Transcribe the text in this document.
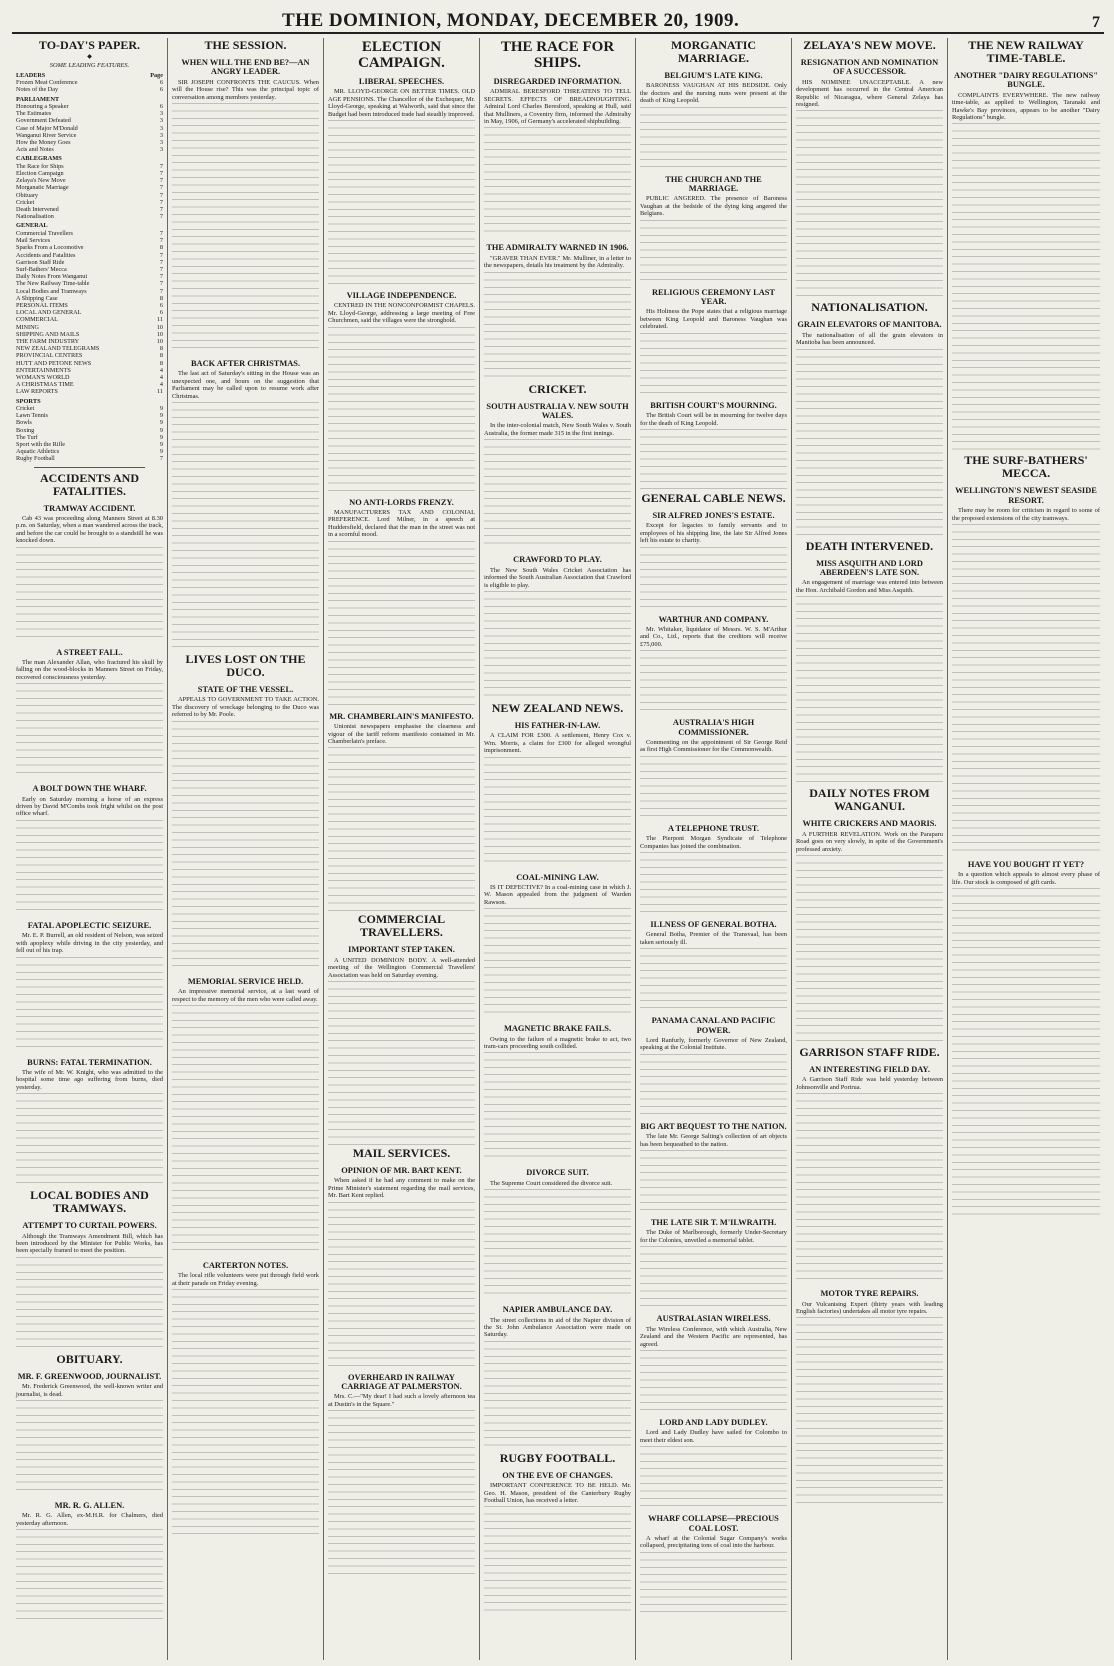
THE DOMINION, MONDAY, DECEMBER 20, 1909.	7
TO-DAY'S PAPER.
◆
SOME LEADING FEATURES.
LEADERS	Page
Frozen Meat Conference	6
Notes of the Day	6
PARLIAMENT
Honouring a Speaker	6
The Estimates	3
Government Defeated	3
Case of Major M'Donald	3
Wanganui River Service	3
How the Money Goes	3
Acts and Notes	3
CABLEGRAMS
The Race for Ships	7
Election Campaign	7
Zelaya's New Move	7
Morganatic Marriage	7
Obituary	7
Cricket	7
Death Intervened	7
Nationalisation	7
GENERAL
Commercial Travellers	7
Mail Services	7
Sparks From a Locomotive	8
Accidents and Fatalities	7
Garrison Staff Ride	7
Surf-Bathers' Mecca	7
Daily Notes From Wanganui	7
The New Railway Time-table	7
Local Bodies and Tramways	7
A Shipping Case	8
PERSONAL ITEMS	6
LOCAL AND GENERAL	6
COMMERCIAL	11
MINING	10
SHIPPING AND MAILS	10
THE FARM INDUSTRY	10
NEW ZEALAND TELEGRAMS	8
PROVINCIAL CENTRES	8
HUTT AND PETONE NEWS	8
ENTERTAINMENTS	4
WOMAN'S WORLD	4
A CHRISTMAS TIME	4
LAW REPORTS	11
SPORTS
Cricket	9
Lawn Tennis	9
Bowls	9
Boxing	9
The Turf	9
Sport with the Rifle	9
Aquatic Athletics	9
Rugby Football	7
ACCIDENTS AND FATALITIES.
TRAMWAY ACCIDENT.

Cab 43 was proceeding along Manners Street at 8.30 p.m. on Saturday, when a man wandered across the track, and before the car could be brought to a standstill he was knocked down.

A STREET FALL.

The man Alexander Allan, who fractured his skull by falling on the wood-blocks in Manners Street on Friday, recovered consciousness yesterday.

A BOLT DOWN THE WHARF.

Early on Saturday morning a horse of an express driven by David M'Combs took fright whilst on the post office wharf.

FATAL APOPLECTIC SEIZURE.

Mr. E. P. Burrell, an old resident of Nelson, was seized with apoplexy while driving in the city yesterday, and fell out of his trap.

BURNS: FATAL TERMINATION.

The wife of Mr. W. Knight, who was admitted to the hospital some time ago suffering from burns, died yesterday.

LOCAL BODIES AND TRAMWAYS.
ATTEMPT TO CURTAIL POWERS.

Although the Tramways Amendment Bill, which has been introduced by the Minister for Public Works, has been specially framed to meet the position.

OBITUARY.
MR. F. GREENWOOD, JOURNALIST.

Mr. Frederick Greenwood, the well-known writer and journalist, is dead.

MR. R. G. ALLEN.

Mr. R. G. Allen, ex-M.H.R. for Chalmers, died yesterday afternoon.

THE SESSION.
WHEN WILL THE END BE?—AN ANGRY LEADER.

SIR JOSEPH CONFRONTS THE CAUCUS. When will the House rise? This was the principal topic of conversation among members yesterday.

BACK AFTER CHRISTMAS.

The last act of Saturday's sitting in the House was an unexpected one, and hours on the suggestion that Parliament may be called upon to resume work after Christmas.

LIVES LOST ON THE DUCO.
STATE OF THE VESSEL.

APPEALS TO GOVERNMENT TO TAKE ACTION. The discovery of wreckage belonging to the Duco was referred to by Mr. Poole.

MEMORIAL SERVICE HELD.

An impressive memorial service, at a last ward of respect to the memory of the men who were called away.

CARTERTON NOTES.

The local rifle volunteers were put through field work at their parade on Friday evening.

ELECTION CAMPAIGN.
LIBERAL SPEECHES.

MR. LLOYD-GEORGE ON BETTER TIMES. OLD AGE PENSIONS. The Chancellor of the Exchequer, Mr. Lloyd-George, speaking at Walworth, said that since the Budget had been introduced trade had steadily improved.

VILLAGE INDEPENDENCE.

CENTRED IN THE NONCONFORMIST CHAPELS. Mr. Lloyd-George, addressing a large meeting of Free Churchmen, said the villages were the stronghold.

NO ANTI-LORDS FRENZY.

MANUFACTURERS TAX AND COLONIAL PREFERENCE. Lord Milner, in a speech at Huddersfield, declared that the man in the street was not in a scornful mood.

MR. CHAMBERLAIN'S MANIFESTO.

Unionist newspapers emphasise the clearness and vigour of the tariff reform manifesto contained in Mr. Chamberlain's preface.

COMMERCIAL TRAVELLERS.
IMPORTANT STEP TAKEN.

A UNITED DOMINION BODY. A well-attended meeting of the Wellington Commercial Travellers' Association was held on Saturday evening.

MAIL SERVICES.
OPINION OF MR. BART KENT.

When asked if he had any comment to make on the Prime Minister's statement regarding the mail services, Mr. Bart Kent replied.

OVERHEARD IN RAILWAY CARRIAGE AT PALMERSTON.

Mrs. C.—"My dear! I had such a lovely afternoon tea at Dustin's in the Square."

THE RACE FOR SHIPS.
DISREGARDED INFORMATION.

ADMIRAL BERESFORD THREATENS TO TELL SECRETS. EFFECTS OF BREADNOUGHTING. Admiral Lord Charles Beresford, speaking at Hull, said that Mulliners, a Coventry firm, informed the Admiralty in May, 1906, of Germany's accelerated shipbuilding.

THE ADMIRALTY WARNED IN 1906.

"GRAVER THAN EVER." Mr. Mulliner, in a letter to the newspapers, details his treatment by the Admiralty.

CRICKET.
SOUTH AUSTRALIA V. NEW SOUTH WALES.

In the inter-colonial match, New South Wales v. South Australia, the former made 315 in the first innings.

CRAWFORD TO PLAY.

The New South Wales Cricket Association has informed the South Australian Association that Crawford is eligible to play.

NEW ZEALAND NEWS.
HIS FATHER-IN-LAW.

A CLAIM FOR £300. A settlement, Henry Cox v. Wm. Morris, a claim for £300 for alleged wrongful imprisonment.

COAL-MINING LAW.

IS IT DEFECTIVE? In a coal-mining case in which J. W. Mason appealed from the judgment of Warden Rawson.

MAGNETIC BRAKE FAILS.

Owing to the failure of a magnetic brake to act, two tram-cars proceeding south collided.

DIVORCE SUIT.

The Supreme Court considered the divorce suit.

NAPIER AMBULANCE DAY.

The street collections in aid of the Napier division of the St. John Ambulance Association were made on Saturday.

RUGBY FOOTBALL.
ON THE EVE OF CHANGES.

IMPORTANT CONFERENCE TO BE HELD. Mr. Geo. H. Mason, president of the Canterbury Rugby Football Union, has received a letter.

MORGANATIC MARRIAGE.
BELGIUM'S LATE KING.

BARONESS VAUGHAN AT HIS BEDSIDE. Only the doctors and the nursing nuns were present at the death of King Leopold.

THE CHURCH AND THE MARRIAGE.

PUBLIC ANGERED. The presence of Baroness Vaughan at the bedside of the dying king angered the Belgians.

RELIGIOUS CEREMONY LAST YEAR.

His Holiness the Pope states that a religious marriage between King Leopold and Baroness Vaughan was celebrated.

BRITISH COURT'S MOURNING.

The British Court will be in mourning for twelve days for the death of King Leopold.

GENERAL CABLE NEWS.
SIR ALFRED JONES'S ESTATE.

Except for legacies to family servants and to employees of his shipping line, the late Sir Alfred Jones left his estate to charity.

WARTHUR AND COMPANY.

Mr. Whitaker, liquidator of Messrs. W. S. M'Arthur and Co., Ltd., reports that the creditors will receive £75,000.

AUSTRALIA'S HIGH COMMISSIONER.

Commenting on the appointment of Sir George Reid as first High Commissioner for the Commonwealth.

A TELEPHONE TRUST.

The Pierpont Morgan Syndicate of Telephone Companies has joined the combination.

ILLNESS OF GENERAL BOTHA.

General Botha, Premier of the Transvaal, has been taken seriously ill.

PANAMA CANAL AND PACIFIC POWER.

Lord Ranfurly, formerly Governor of New Zealand, speaking at the Colonial Institute.

BIG ART BEQUEST TO THE NATION.

The late Mr. George Salting's collection of art objects has been bequeathed to the nation.

THE LATE SIR T. M'ILWRAITH.

The Duke of Marlborough, formerly Under-Secretary for the Colonies, unveiled a memorial tablet.

AUSTRALASIAN WIRELESS.

The Wireless Conference, with which Australia, New Zealand and the Western Pacific are represented, has agreed.

LORD AND LADY DUDLEY.

Lord and Lady Dudley have sailed for Colombo to meet their eldest son.

WHARF COLLAPSE—PRECIOUS COAL LOST.

A wharf at the Colonial Sugar Company's works collapsed, precipitating tons of coal into the harbour.

ZELAYA'S NEW MOVE.
RESIGNATION AND NOMINATION OF A SUCCESSOR.

HIS NOMINEE UNACCEPTABLE. A new development has occurred in the Central American Republic of Nicaragua, where General Zelaya has resigned.

NATIONALISATION.
GRAIN ELEVATORS OF MANITOBA.

The nationalisation of all the grain elevators in Manitoba has been announced.

DEATH INTERVENED.
MISS ASQUITH AND LORD ABERDEEN'S LATE SON.

An engagement of marriage was entered into between the Hon. Archibald Gordon and Miss Asquith.

DAILY NOTES FROM WANGANUI.
WHITE CRICKERS AND MAORIS.

A FURTHER REVELATION. Work on the Paraparu Road goes on very slowly, in spite of the Government's professed anxiety.

GARRISON STAFF RIDE.
AN INTERESTING FIELD DAY.

A Garrison Staff Ride was held yesterday between Johnsonville and Porirua.

MOTOR TYRE REPAIRS.

Our Vulcanising Expert (thirty years with leading English factories) undertakes all motor tyre repairs.

THE NEW RAILWAY TIME-TABLE.
ANOTHER "DAIRY REGULATIONS" BUNGLE.

COMPLAINTS EVERYWHERE. The new railway time-table, as applied to Wellington, Taranaki and Hawke's Bay provinces, appears to be another "Dairy Regulations" bungle.

THE SURF-BATHERS' MECCA.
WELLINGTON'S NEWEST SEASIDE RESORT.

There may be room for criticism in regard to some of the proposed extensions of the city tramways.

HAVE YOU BOUGHT IT YET?

In a question which appeals to almost every phase of life. Our stock is composed of gift cards.
